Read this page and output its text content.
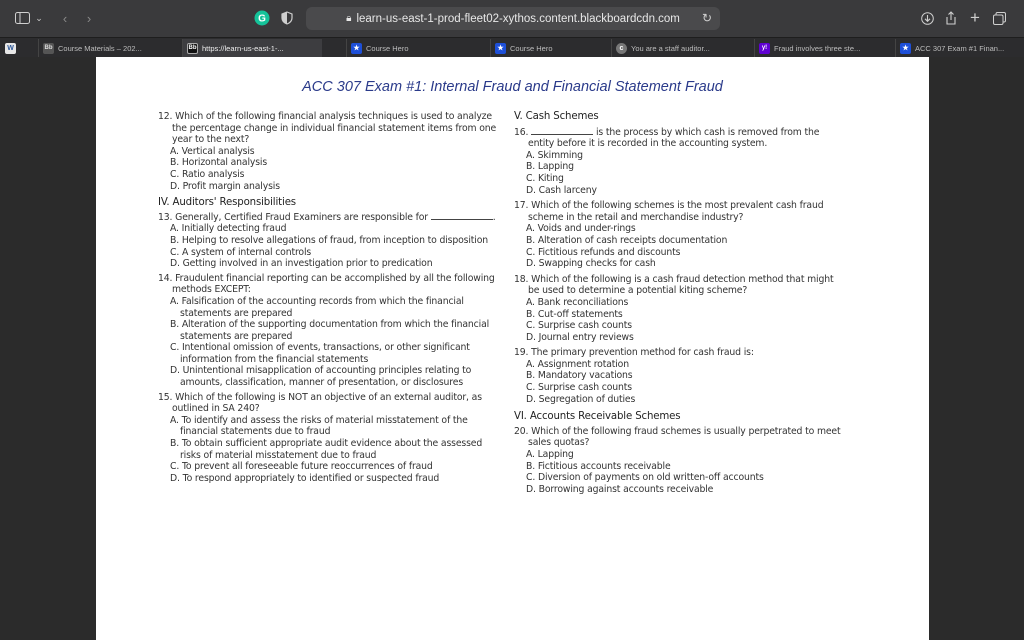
⌄	‹	›	G	🔒︎ learn-us-east-1-prod-fleet02-xythos.content.blackboardcdn.com ↻	+
W	Bb Course Materials – 202...	Bb https://learn-us-east-1-...	★ Course Hero	★ Course Hero	c	You are a staff auditor...	y! Fraud involves three ste...	★ ACC 307 Exam #1 Finan...
ACC 307 Exam #1: Internal Fraud and Financial Statement Fraud
12. Which of the following financial analysis techniques is used to analyze the percentage change in individual financial statement items from one year to the next?
A. Vertical analysis
B. Horizontal analysis
C. Ratio analysis
D. Profit margin analysis
IV. Auditors' Responsibilities
13. Generally, Certified Fraud Examiners are responsible for	.
A. Initially detecting fraud
B. Helping to resolve allegations of fraud, from inception to disposition
C. A system of internal controls
D. Getting involved in an investigation prior to predication
14. Fraudulent financial reporting can be accomplished by all the following methods EXCEPT:
A. Falsification of the accounting records from which the financial statements are prepared
B. Alteration of the supporting documentation from which the financial statements are prepared
C. Intentional omission of events, transactions, or other significant information from the financial statements
D. Unintentional misapplication of accounting principles relating to amounts, classification, manner of presentation, or disclosures
15. Which of the following is NOT an objective of an external auditor, as outlined in SA 240?
A. To identify and assess the risks of material misstatement of the financial statements due to fraud
B. To obtain sufficient appropriate audit evidence about the assessed risks of material misstatement due to fraud
C. To prevent all foreseeable future reoccurrences of fraud
D. To respond appropriately to identified or suspected fraud
V. Cash Schemes
16.	is the process by which cash is removed from the entity before it is recorded in the accounting system.
A. Skimming
B. Lapping
C. Kiting
D. Cash larceny
17. Which of the following schemes is the most prevalent cash fraud scheme in the retail and merchandise industry?
A. Voids and under-rings
B. Alteration of cash receipts documentation
C. Fictitious refunds and discounts
D. Swapping checks for cash
18. Which of the following is a cash fraud detection method that might be used to determine a potential kiting scheme?
A. Bank reconciliations
B. Cut-off statements
C. Surprise cash counts
D. Journal entry reviews
19. The primary prevention method for cash fraud is:
A. Assignment rotation
B. Mandatory vacations
C. Surprise cash counts
D. Segregation of duties
VI. Accounts Receivable Schemes
20. Which of the following fraud schemes is usually perpetrated to meet sales quotas?
A. Lapping
B. Fictitious accounts receivable
C. Diversion of payments on old written-off accounts
D. Borrowing against accounts receivable
